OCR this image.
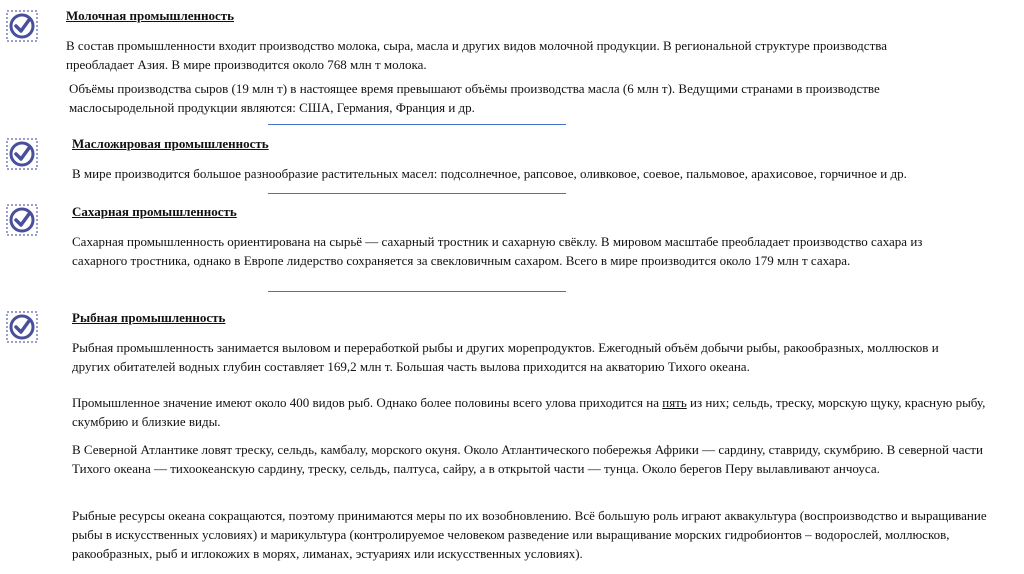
Молочная промышленность
В состав промышленности входит производство молока, сыра, масла и других видов молочной продукции. В региональной структуре производства преобладает Азия. В мире производится около 768 млн т молока.
Объёмы производства сыров (19 млн т) в настоящее время превышают объёмы производства масла (6 млн т). Ведущими странами в производстве маслосыродельной продукции являются: США, Германия, Франция и др.
Масложировая промышленность
В мире производится большое разнообразие растительных масел: подсолнечное, рапсовое, оливковое, соевое, пальмовое, арахисовое, горчичное и др.
Сахарная промышленность
Сахарная промышленность ориентирована на сырьё — сахарный тростник и сахарную свёклу. В мировом масштабе преобладает производство сахара из сахарного тростника, однако в Европе лидерство сохраняется за свекловичным сахаром. Всего в мире производится около 179 млн т сахара.
Рыбная промышленность
Рыбная промышленность занимается выловом и переработкой рыбы и других морепродуктов. Ежегодный объём добычи рыбы, ракообразных, моллюсков и других обитателей водных глубин составляет 169,2 млн т. Большая часть вылова приходится на акваторию Тихого океана.
Промышленное значение имеют около 400 видов рыб. Однако более половины всего улова приходится на пять из них; сельдь, треску, морскую щуку, красную рыбу, скумбрию и близкие виды.
В Северной Атлантике ловят треску, сельдь, камбалу, морского окуня. Около Атлантического побережья Африки — сардину, ставриду, скумбрию. В северной части Тихого океана — тихоокеанскую сардину, треску, сельдь, палтуса, сайру, а в открытой части — тунца. Около берегов Перу вылавливают анчоуса.
Рыбные ресурсы океана сокращаются, поэтому принимаются меры по их возобновлению. Всё большую роль играют аквакультура (воспроизводство и выращивание рыбы в искусственных условиях) и марикультура (контролируемое человеком разведение или выращивание морских гидробионтов – водорослей, моллюсков, ракообразных, рыб и иглокожих в морях, лиманах, эстуариях или искусственных условиях).
